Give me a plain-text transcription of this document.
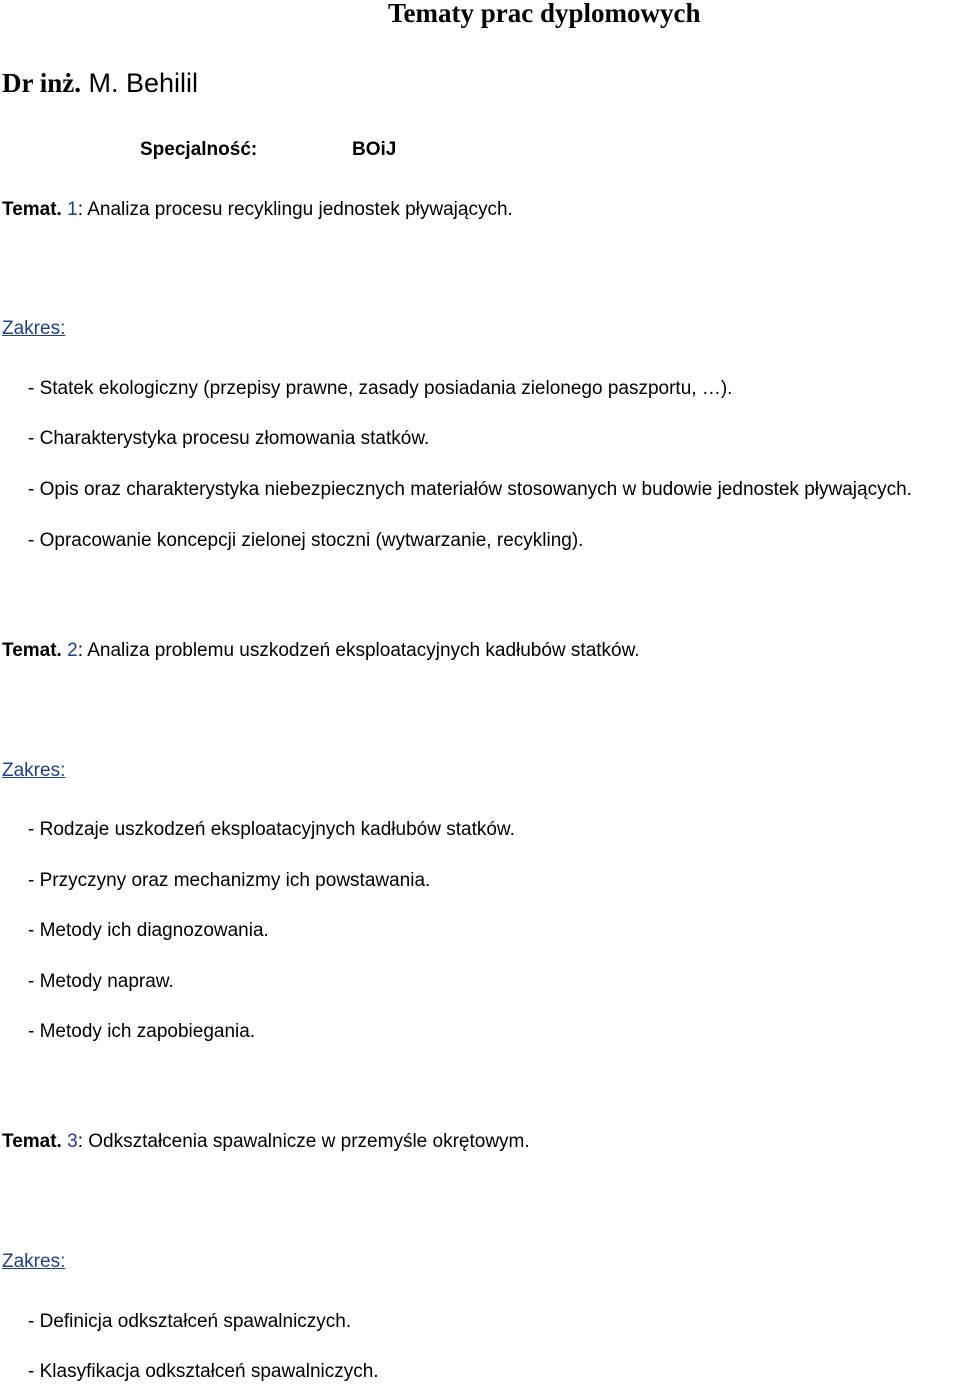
Tematy prac dyplomowych
Dr inż. M. Behilil
Specjalność:	BOiJ
Temat. 1: Analiza procesu recyklingu jednostek pływających.
Zakres:
- Statek ekologiczny (przepisy prawne, zasady posiadania zielonego paszportu, …).
- Charakterystyka procesu złomowania statków.
- Opis oraz charakterystyka niebezpiecznych materiałów stosowanych w budowie jednostek pływających.
- Opracowanie koncepcji zielonej stoczni (wytwarzanie, recykling).
Temat. 2: Analiza problemu uszkodzeń eksploatacyjnych kadłubów statków.
Zakres:
- Rodzaje uszkodzeń eksploatacyjnych kadłubów statków.
- Przyczyny oraz mechanizmy ich powstawania.
- Metody ich diagnozowania.
- Metody napraw.
- Metody ich zapobiegania.
Temat. 3: Odkształcenia spawalnicze w przemyśle okrętowym.
Zakres:
- Definicja odkształceń spawalniczych.
- Klasyfikacja odkształceń spawalniczych.
